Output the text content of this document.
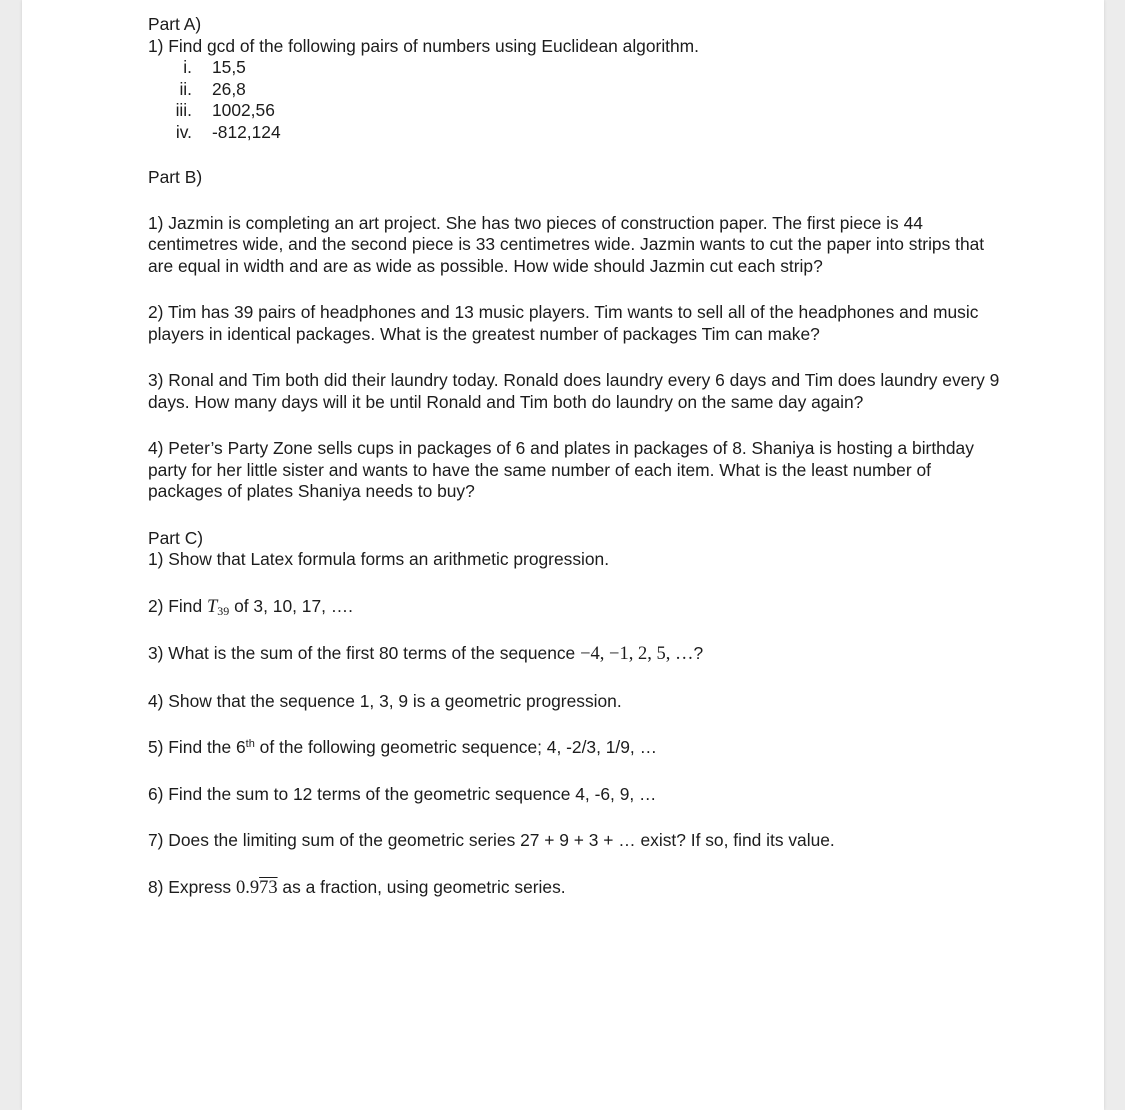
Part A)
1) Find gcd of the following pairs of numbers using Euclidean algorithm.
i.	15,5
ii.	26,8
iii.	1002,56
iv.	-812,124
Part B)

1) Jazmin is completing an art project. She has two pieces of construction paper. The first piece is 44 centimetres wide, and the second piece is 33 centimetres wide. Jazmin wants to cut the paper into strips that are equal in width and are as wide as possible. How wide should Jazmin cut each strip?

2) Tim has 39 pairs of headphones and 13 music players. Tim wants to sell all of the headphones and music players in identical packages. What is the greatest number of packages Tim can make?

3) Ronal and Tim both did their laundry today. Ronald does laundry every 6 days and Tim does laundry every 9 days. How many days will it be until Ronald and Tim both do laundry on the same day again?

4) Peter’s Party Zone sells cups in packages of 6 and plates in packages of 8. Shaniya is hosting a birthday party for her little sister and wants to have the same number of each item. What is the least number of packages of plates Shaniya needs to buy?

Part C)
1) Show that Latex formula forms an arithmetic progression.
2) Find $T_{39}$ of 3, 10, 17, ….
3) What is the sum of the first 80 terms of the sequence −4, −1, 2, 5, …?
4) Show that the sequence 1, 3, 9 is a geometric progression.
5) Find the 6th of the following geometric sequence; 4, -2/3, 1/9, …
6) Find the sum to 12 terms of the geometric sequence 4, -6, 9, …
7) Does the limiting sum of the geometric series 27 + 9 + 3 + … exist? If so, find its value.
8) Express 0.973 as a fraction, using geometric series.
